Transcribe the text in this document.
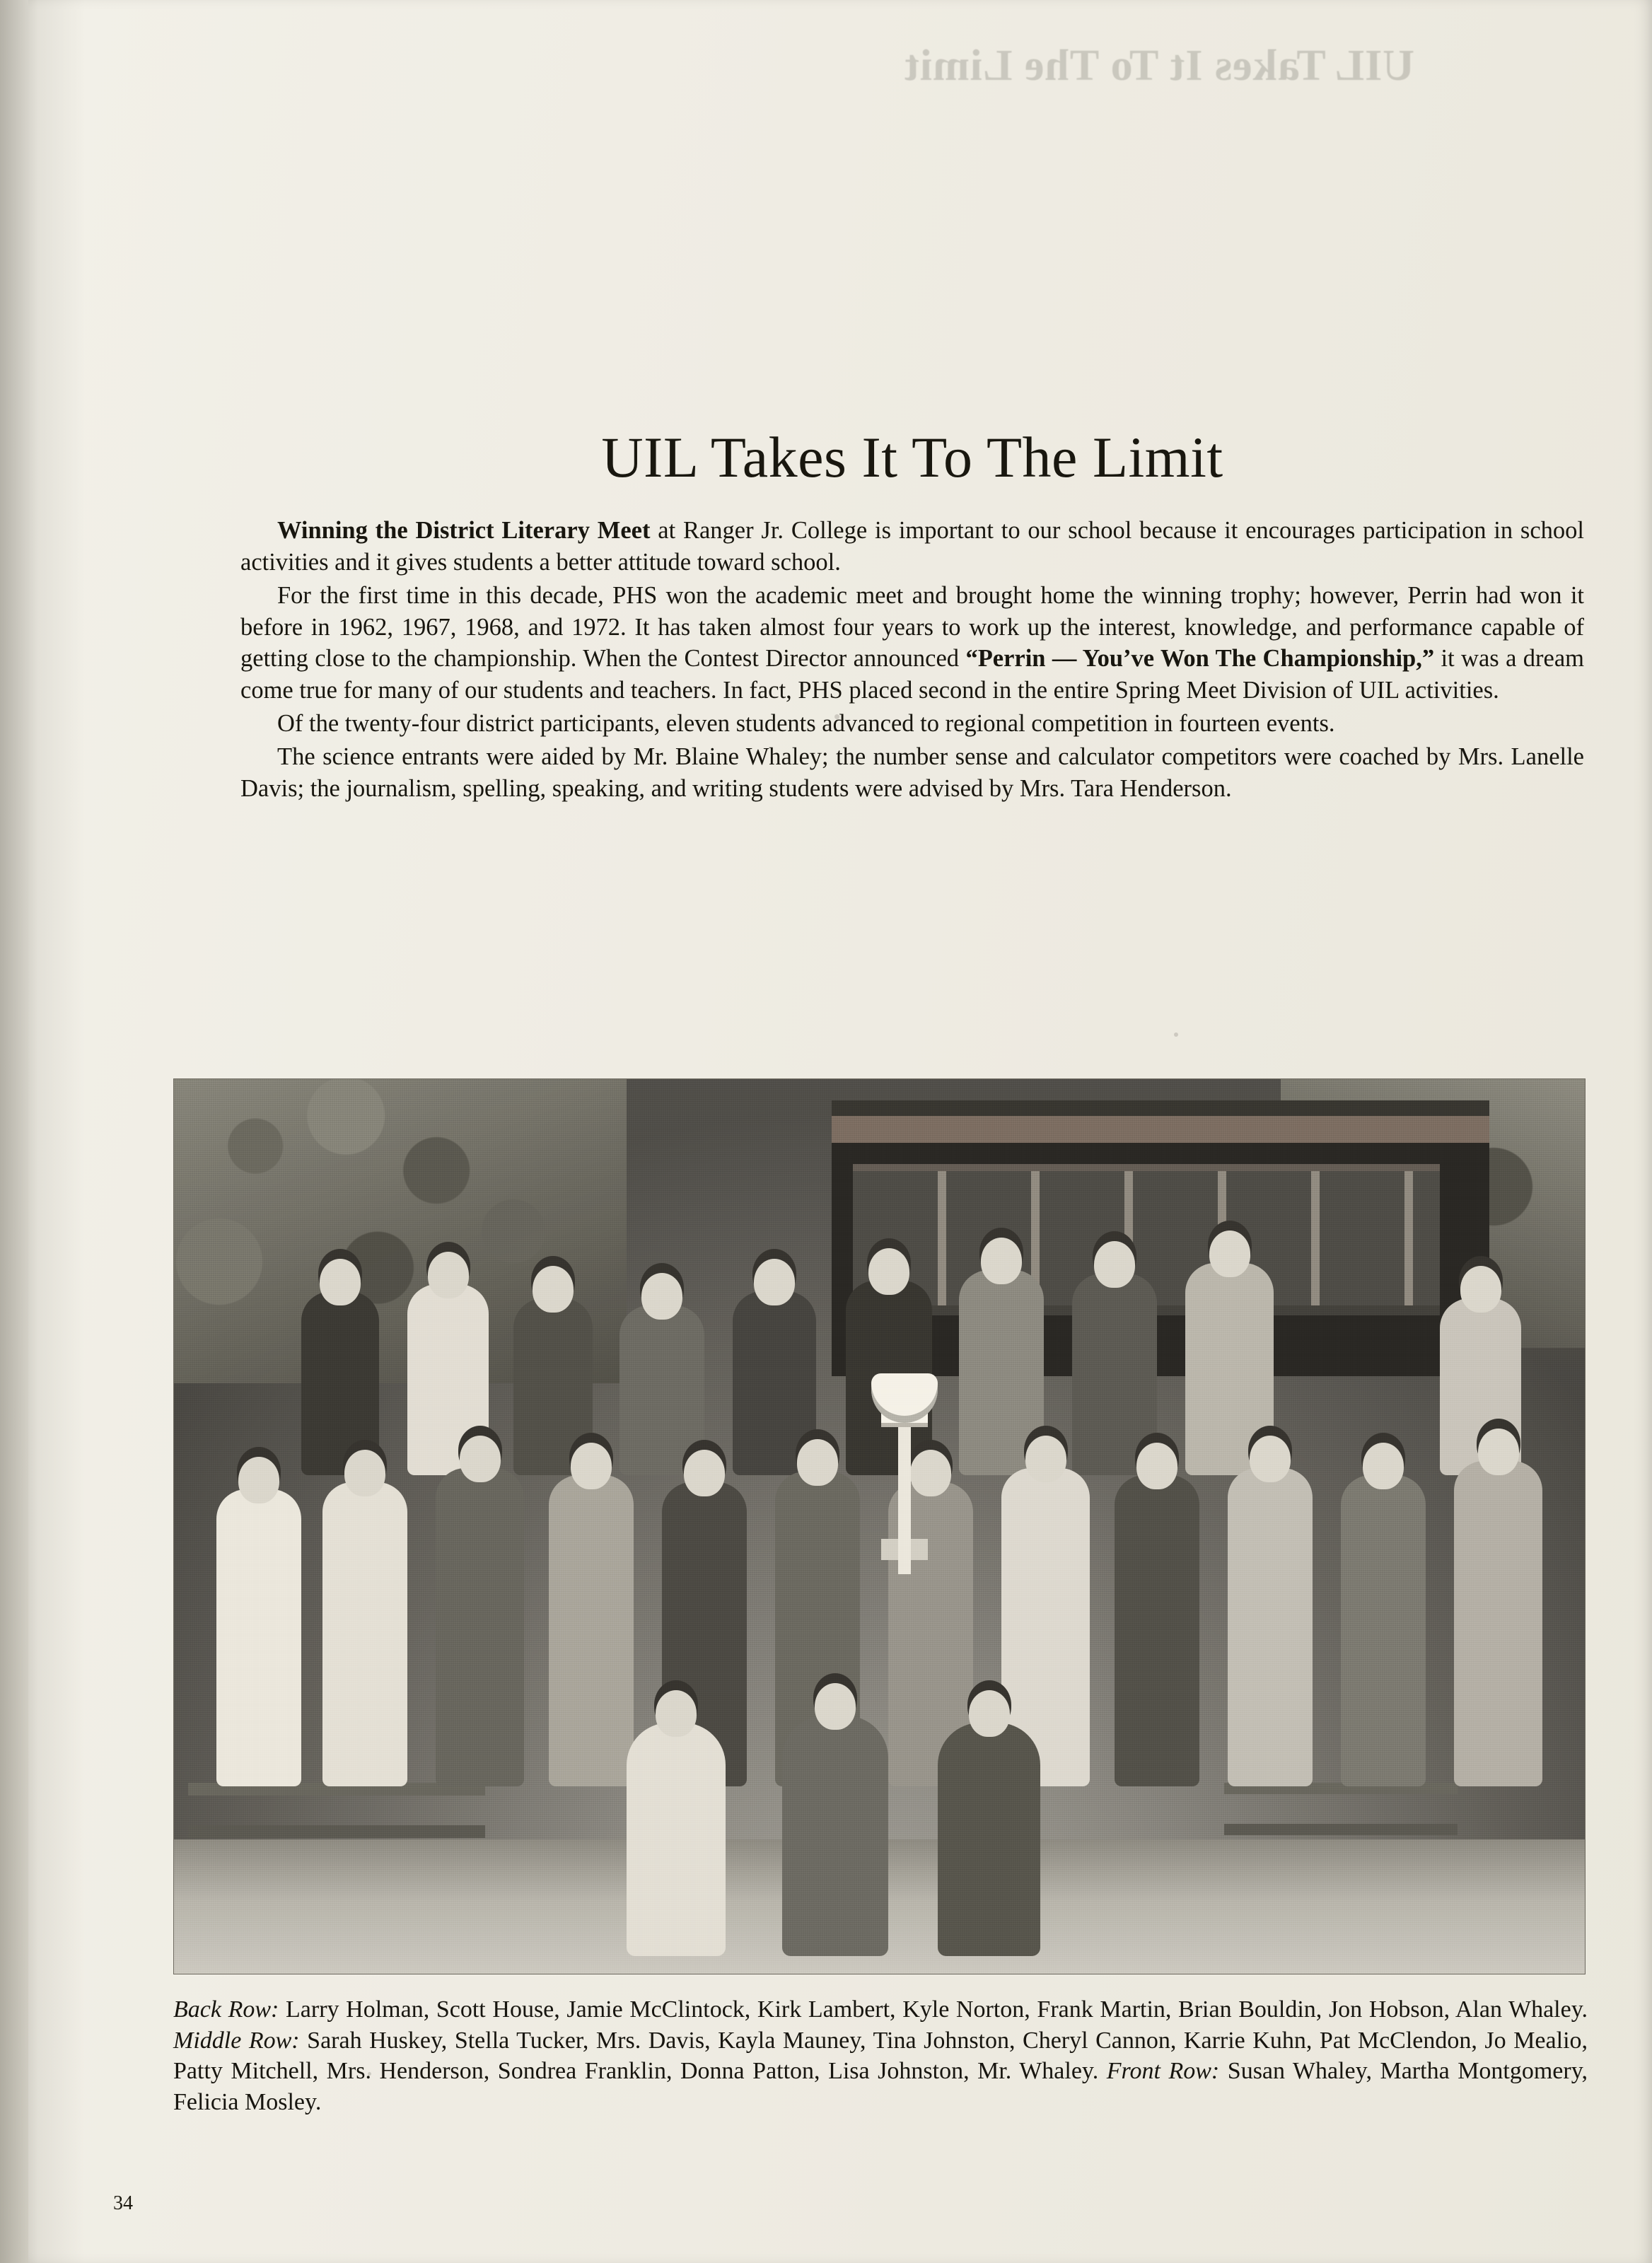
UIL Takes It To The Limit
UIL Takes It To The Limit

Winning the District Literary Meet at Ranger Jr. College is important to our school because it encourages participation in school activities and it gives students a better attitude toward school.

For the first time in this decade, PHS won the academic meet and brought home the winning trophy; however, Perrin had won it before in 1962, 1967, 1968, and 1972. It has taken almost four years to work up the interest, knowledge, and performance capable of getting close to the championship. When the Contest Director announced “Perrin — You’ve Won The Championship,” it was a dream come true for many of our students and teachers. In fact, PHS placed second in the entire Spring Meet Division of UIL activities.

Of the twenty-four district participants, eleven students advanced to regional competition in fourteen events.

The science entrants were aided by Mr. Blaine Whaley; the number sense and calculator competitors were coached by Mrs. Lanelle Davis; the journalism, spelling, speaking, and writing students were advised by Mrs. Tara Henderson.

Back Row: Larry Holman, Scott House, Jamie McClintock, Kirk Lambert, Kyle Norton, Frank Martin, Brian Bouldin, Jon Hobson, Alan Whaley. Middle Row: Sarah Huskey, Stella Tucker, Mrs. Davis, Kayla Mauney, Tina Johnston, Cheryl Cannon, Karrie Kuhn, Pat McClendon, Jo Mealio, Patty Mitchell, Mrs. Henderson, Sondrea Franklin, Donna Patton, Lisa Johnston, Mr. Whaley. Front Row: Susan Whaley, Martha Montgomery, Felicia Mosley.
34
